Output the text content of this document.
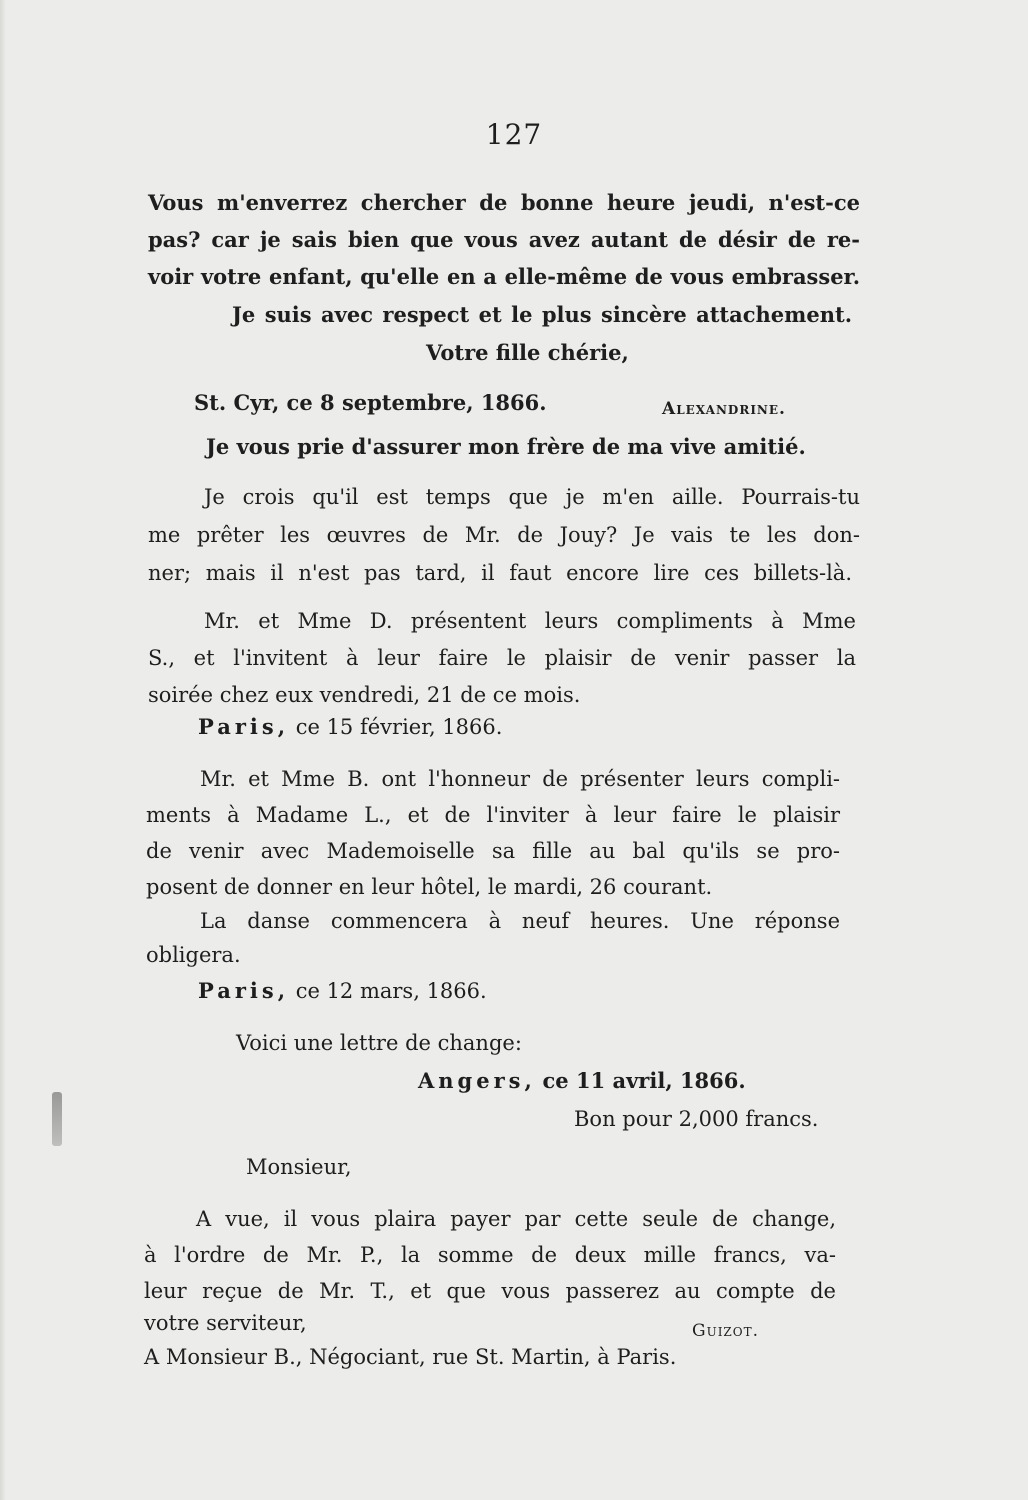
127
Vous m'enverrez chercher de bonne heure jeudi, n'est-ce
pas? car je sais bien que vous avez autant de désir de re-
voir votre enfant, qu'elle en a elle-même de vous embrasser.
Je suis avec respect et le plus sincère attachement.
Votre fille chérie,
St. Cyr, ce 8 septembre, 1866.	Alexandrine.
Je vous prie d'assurer mon frère de ma vive amitié.
Je crois qu'il est temps que je m'en aille. Pourrais-tu
me prêter les œuvres de Mr. de Jouy? Je vais te les don-
ner; mais il n'est pas tard, il faut encore lire ces billets-là.
Mr. et Mme D. présentent leurs compliments à Mme
S., et l'invitent à leur faire le plaisir de venir passer la
soirée chez eux vendredi, 21 de ce mois.
Paris, ce 15 février, 1866.
Mr. et Mme B. ont l'honneur de présenter leurs compli-
ments à Madame L., et de l'inviter à leur faire le plaisir
de venir avec Mademoiselle sa fille au bal qu'ils se pro-
posent de donner en leur hôtel, le mardi, 26 courant.
La danse commencera à neuf heures. Une réponse
obligera.
Paris, ce 12 mars, 1866.
Voici une lettre de change:
Angers, ce 11 avril, 1866.
Bon pour 2,000 francs.
Monsieur,
A vue, il vous plaira payer par cette seule de change,
à l'ordre de Mr. P., la somme de deux mille francs, va-
leur reçue de Mr. T., et que vous passerez au compte de
votre serviteur,	Guizot.
A Monsieur B., Négociant, rue St. Martin, à Paris.
